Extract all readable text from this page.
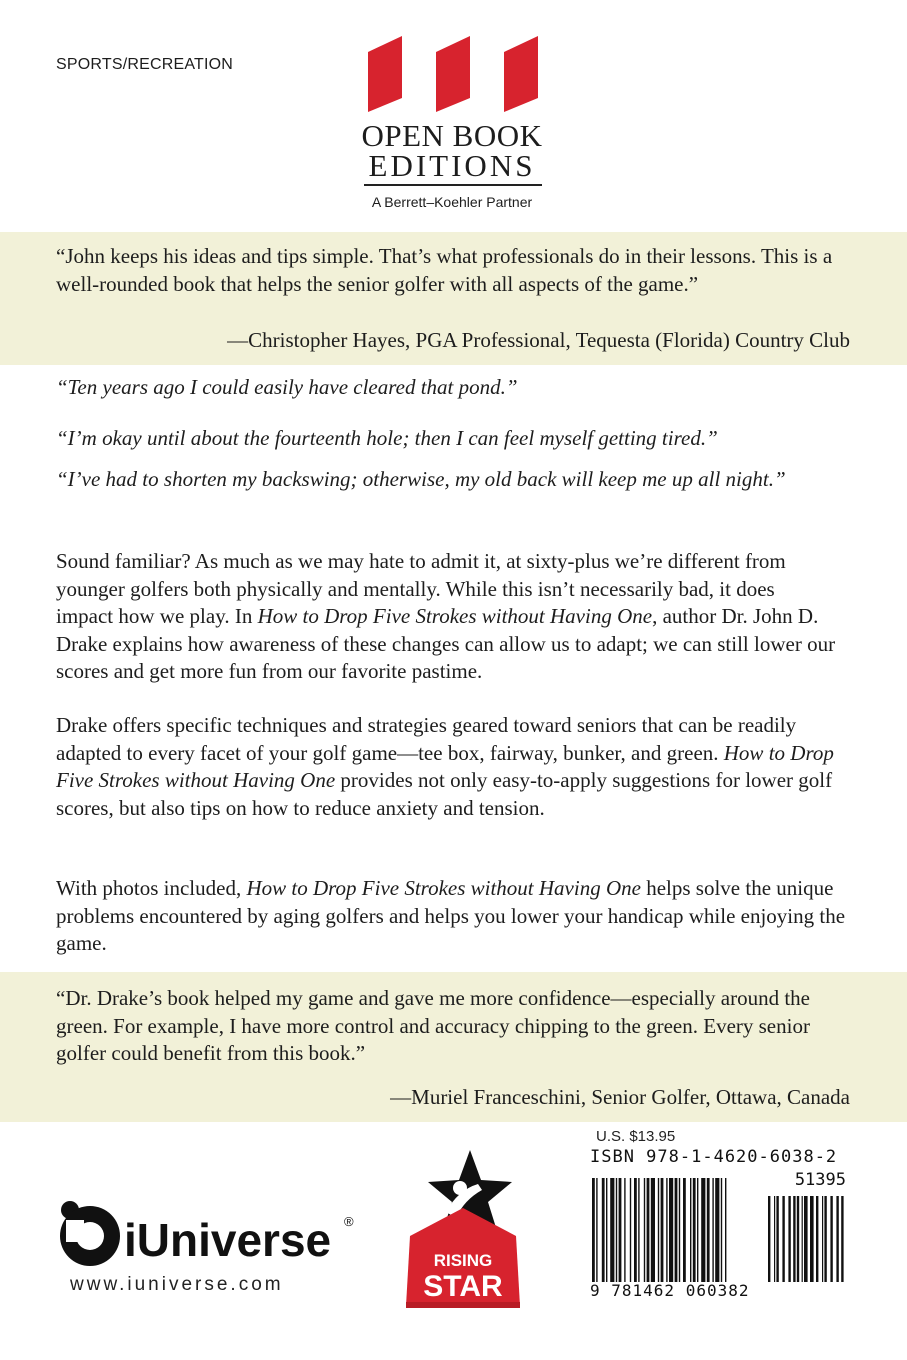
SPORTS/RECREATION
OPEN BOOK
EDITIONS
A Berrett–Koehler Partner

“John keeps his ideas and tips simple. That’s what professionals do in their lessons. This is a well-rounded book that helps the senior golfer with all aspects of the game.”

—Christopher Hayes, PGA Professional, Tequesta (Florida) Country Club

“Ten years ago I could easily have cleared that pond.”

“I’m okay until about the fourteenth hole; then I can feel myself getting tired.”

“I’ve had to shorten my backswing; otherwise, my old back will keep me up all night.”

Sound familiar? As much as we may hate to admit it, at sixty-plus we’re different from younger golfers both physically and mentally. While this isn’t necessarily bad, it does impact how we play. In How to Drop Five Strokes without Having One, author Dr. John D. Drake explains how awareness of these changes can allow us to adapt; we can still lower our scores and get more fun from our favorite pastime.

Drake offers specific techniques and strategies geared toward seniors that can be readily adapted to every facet of your golf game—tee box, fairway, bunker, and green. How to Drop Five Strokes without Having One provides not only easy-to-apply suggestions for lower golf scores, but also tips on how to reduce anxiety and tension.

With photos included, How to Drop Five Strokes without Having One helps solve the unique problems encountered by aging golfers and helps you lower your handicap while enjoying the game.

“Dr. Drake’s book helped my game and gave me more confidence—especially around the green. For example, I have more control and accuracy chipping to the green. Every senior golfer could benefit from this book.”

—Muriel Franceschini, Senior Golfer, Ottawa, Canada

iUniverse ®
www.iuniverse.com
RISING
STAR
U.S. $13.95
ISBN 978-1-4620-6038-2
51395
9 781462 060382
